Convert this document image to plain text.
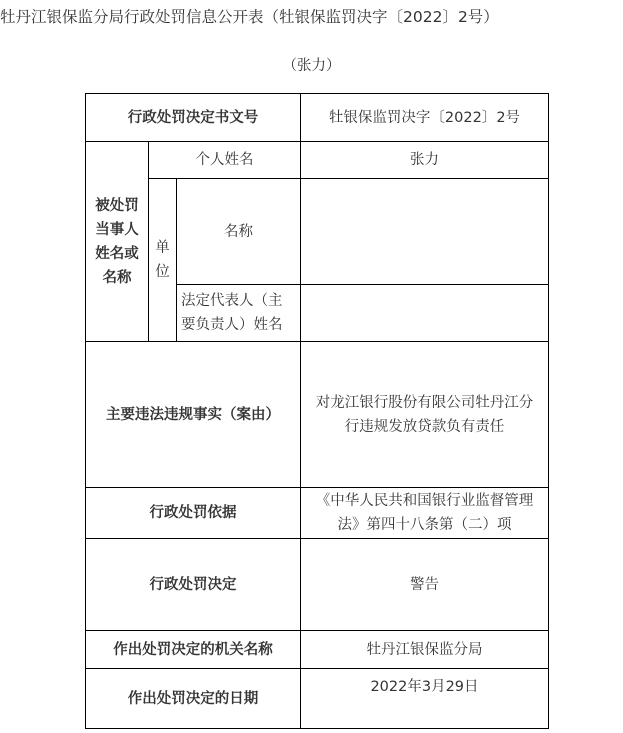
牡丹江银保监分局行政处罚信息公开表（牡银保监罚决字〔2022〕2号）
（张力）
行政处罚决定书文号			牡银保监罚决字〔2022〕2号
被处罚当事人姓名或名称	个人姓名		张力
	单位	名称	
		法定代表人（主要负责人）姓名	
主要违法违规事实（案由）			对龙江银行股份有限公司牡丹江分行违规发放贷款负有责任
行政处罚依据			《中华人民共和国银行业监督管理法》第四十八条第（二）项
行政处罚决定			警告
作出处罚决定的机关名称			牡丹江银保监分局
作出处罚决定的日期			2022年3月29日
